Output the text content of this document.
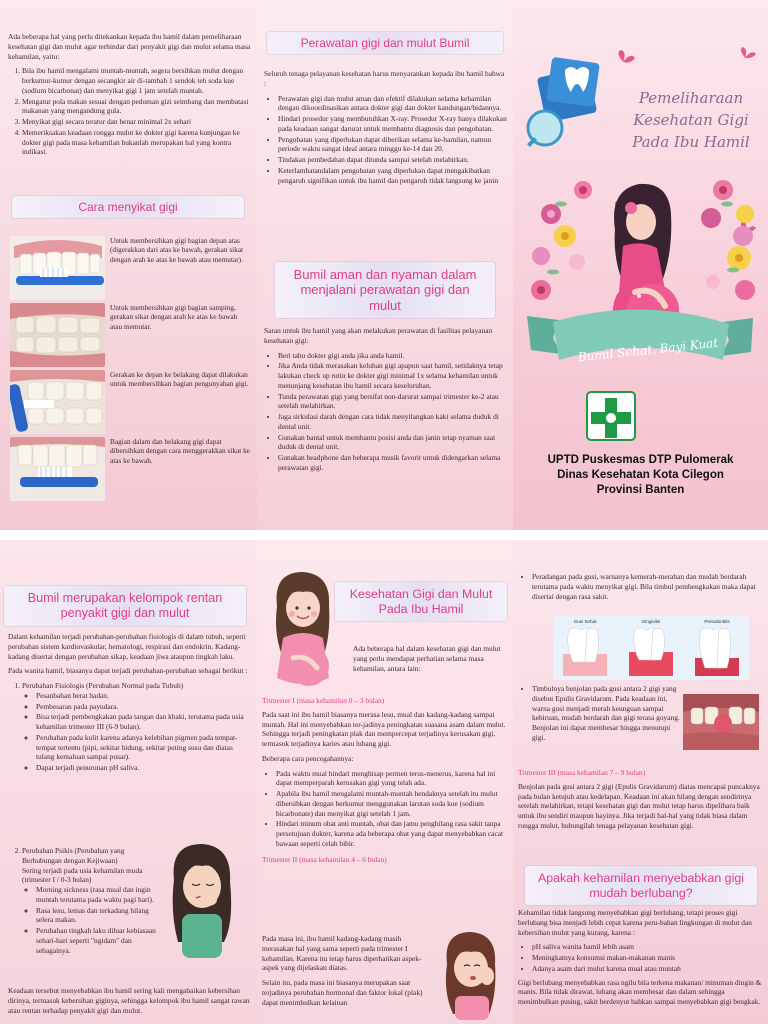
Ada beberapa hal yang perlu ditekankan kepada ibu hamil dalam pemeliharaan kesehatan gigi dan mulut agar terhindar dari penyakit gigi dan mulut selama masa kehamilan, yaitu:

1. Bila ibu hamil mengalami muntah-muntah, segera bersihkan mulut dengan berkumur-kumur dengan secangkir air di-tambah 1 sendok teh soda kue (sodium bicarbonat) dan menyikat gigi 1 jam setelah muntah.
2. Mengatur pola makan sesuai dengan pedoman gizi seimbang dan membatasi makanan yang mengandung gula.
3. Menyikat gigi secara teratur dan benar minimal 2x sehari
4. Memeriksakan keadaan rongga mulut ke dokter gigi karena kunjungan ke dokter gigi pada masa kehamilan bukanlah merupakan hal yang kontra indikasi.
Cara menyikat gigi
Untuk membersihkan gigi bagian depan atas (digerakkan dari atas ke bawah, gerakan sikat dengan arah ke atas ke bawah atau memutar).
Untuk membersihkan gigi bagian samping, gerakan sikat dengan arah ke atas ke bawah atau memutar.
Gerakan ke depan ke belakang dapat dilakukan untuk membersihkan bagian pengunyahan gigi.
Bagian dalam dan belakang gigi dapat dibersihkan dengan cara menggerakkan sikat ke atas ke bawah.
Perawatan gigi dan mulut Bumil

Seluruh tenaga pelayanan kesehatan harus menyarankan kepada ibu hamil bahwa :

• Perawatan gigi dan mulut aman dan efektif dilakukan selama kehamilan dengan dikoordinasikan antara dokter gigi dan dokter kandungan/bidannya.
• Hindari prosedur yang membutuhkan X-ray. Prosedur X-ray hanya dilakukan pada keadaan sangat darurat untuk membantu diagnosis dan pengobatan.
• Pengobatan yang diperlukan dapat diberikan selama ke-hamilan, namun periode waktu sangat ideal antara minggu ke-14 dan 20.
• Tindakan pembedahan dapat ditunda sampai setelah melahirkan.
• Keterlambatandalam pengobatan yang diperlukan dapat mengakibatkan pengaruh signifikan untuk ibu hamil dan pengaruh tidak langsung ke janin
Bumil aman dan nyaman dalam menjalani perawatan gigi dan mulut

Saran untuk ibu hamil yang akan melakukan perawatan di fasilitas pelayanan kesehatan gigi:

• Beri tahu dokter gigi anda jika anda hamil.
• Jika Anda tidak merasakan keluhan gigi apapun saat hamil, setidaknya tetap lakukan check up rutin ke dokter gigi minimal 1x selama kehamilan untuk menunjang kesehatan ibu hamil secara keseluruhan.
• Tunda perawatan gigi yang bersifat non-darurat sampai trimester ke-2 atau setelah melahirkan.
• Jaga sirkulasi darah dengan cara tidak menyilangkan kaki selama duduk di dental unit.
• Gunakan bantal untuk membantu posisi anda dan janin tetap nyaman saat duduk di dental unit.
• Gunakan headphone dan beberapa musik favorit untuk didengarkan selama perawatan gigi.
Pemeliharaan
Kesehatan Gigi
Pada Ibu Hamil
Bumil Sehat, Bayi Kuat
UPTD Puskesmas DTP Pulomerak
Dinas Kesehatan Kota Cilegon
Provinsi Banten
Bumil merupakan kelompok rentan penyakit gigi dan mulut

Dalam kehamilan terjadi perubahan-perubahan fisiologis di dalam tubuh, seperti perubahan sistem kardiovaskular, hematologi, respirasi dan endokrin. Kadang-kadang disertai dengan perubahan sikap, keadaan jiwa ataupun tingkah laku.

Pada wanita hamil, biasanya dapat terjadi perubahan-perubahan sebagai berikut :

1. Perubahan Fisiologis (Perubahan Normal pada Tubuh)
◦ Pesanbahan berat badan.
◦ Pembesaran pada payudara.
◦ Bisa terjadi pembengkakan pada tangan dan khaki, terutama pada usia kehamilan trimester III (6-9 bulan).
◦ Perubahan pada kulit karena adanya kelebihan pigmen pada tempat-tempat tertentu (pipi, sekitar hidung, sekitar puting susu dan diatas tulang kemaluan sampai pusar).
◦ Dapat terjadi penurunan pH saliva.
2. Perubahan Psikis (Perubahan yang Berhubungan dengan Kejiwaan)
Sering terjadi pada usia kehamilan muda (trimester I / 0-3 bulan)
◦ Morning sickness (rasa mual dan ingin muntah terutama pada waktu pagi hari).
◦ Rasa lesu, lemas dan terkadang hilang selera makan.
◦ Perubahan tingkah laku diluar kebiasaan sehari-hari seperti "ngidam" dan sebagainya.

Keadaan tersebut menyebabkan ibu hamil sering kali mengabaikan kebersihan dirinya, termasuk kebersihan giginya, sehingga kelompok ibu hamil sangat rawan atau rentan terhadap penyakit gigi dan mulut.

Kesehatan Gigi dan Mulut Pada Ibu Hamil
Ada beberapa hal dalam kesehatan gigi dan mulut yang perlu mendapat perhatian selama masa kehamilan, antara lain:
Trimester I (masa kehamilan 0 – 3 bulan)

Pada saat ini ibu hamil biasanya merasa lesu, mual dan kadang-kadang sampai muntah. Hal ini menyebabkan ter-jadinya peningkatan suasana asam dalam mulut. Sehingga terjadi peningkatan plak dan mempercepat terjadinya kerusakan gigi, termasuk terjadinya karies atau lubang gigi.

Beberapa cara pencegahannya:

• Pada waktu mual hindari menghisap permen terus-menerus, karena hal ini dapat memperparah kerusakan gigi yang telah ada.
• Apabila ibu hamil mengalami muntah-muntah hendaknya setelah itu mulut dibersihkan dengan berkumur menggunakan larutan soda kue (sodium bicarbonate) dan menyikat gigi setelah 1 jam.
• Hindari minum obat anti muntah, obat dan jamu penghilang rasa sakit tanpa persetujuan dokter, karena ada beberapa obat yang dapat menyebabkan cacat bawaan seperti celah bibir.
Trimester II (masa kehamilan 4 – 6 bulan)

Pada masa ini, ibu hamil kadang-kadang masih merasakan hal yang sama seperti pada trimester I kehamilan. Karena itu tetap harus diperhatikan aspek-aspek yang dijelaskan diatas.

Selain itu, pada masa ini biasanya merupakan saat terjadinya perubahan hormonal dan faktor lokal (plak) dapat menimbulkan kelainan

• Peradangan pada gusi, warnanya kemerah-merahan dan mudah berdarah terutama pada waktu menyikat gigi. Bila timbul pembengkakan maka dapat disertai dengan rasa sakit.
Gusi Sehat	Gingivitis	Periodontitis
• Timbulnya benjolan pada gusi antara 2 gigi yang disebut Epulis Gravidarum. Pada keadaan ini, warna gusi menjadi merah keunguan sampai kebiruan, mudah berdarah dan gigi terasa goyang. Benjolan ini dapat membesar hingga menutupi gigi.
Trimester III (masa kehamilan 7 – 9 bulan)

Benjolan pada gusi antara 2 gigi (Epulis Gravidarum) diatas mencapai puncaknya pada bulan ketujuh atau kedelapan. Keadaan ini akan hilang dengan sendirinya setelah melahirkan, tetapi kesehatan gigi dan mulut tetap harus dipelihara baik untuk ibu sendiri maupun bayinya. Jika terjadi hal-hal yang tidak biasa dalam rongga mulut, hubungilah tenaga pelayanan kesehatan gigi.

Apakah kehamilan menyebabkan gigi mudah berlubang?

Kehamilan tidak langsung menyebabkan gigi berlubang, tetapi proses gigi berlubang bisa menjadi lebih cepat karena peru-bahan lingkungan di mulut dan kebersihan mulut yang kurang, karena :

• pH saliva wanita hamil lebih asam
• Meningkatnya konsumsi makan-makanan manis
• Adanya asam dari mulut karena mual atau muntah

Gigi berlubang menyebabkan rasa ngilu bila terkena makanan/ minuman dingin & manis. Bila tidak dirawat, lubang akan membesar dan dalam sehingga menimbulkan pusing, sakit berdenyut bahkan sampai menyebabkan gigi bengkak.
